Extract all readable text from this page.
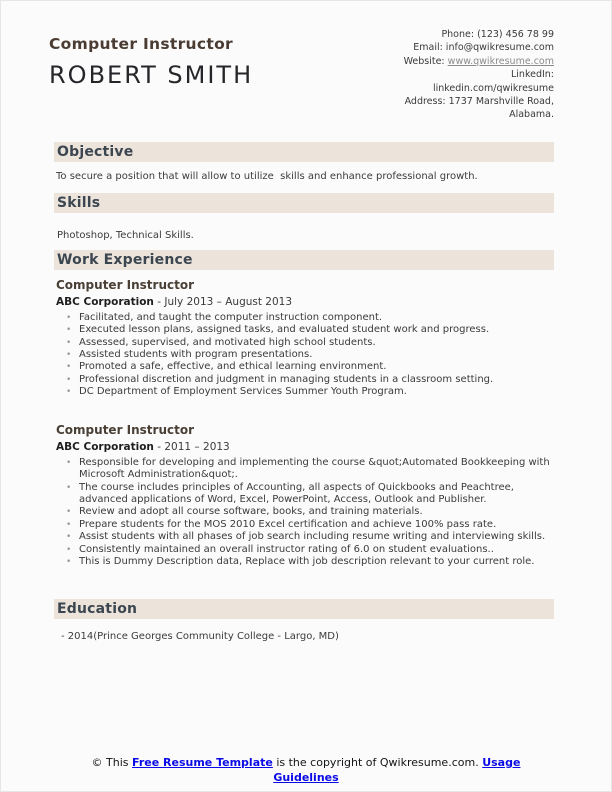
Computer Instructor
ROBERT SMITH
Phone: (123) 456 78 99
Email: info@qwikresume.com
Website: www.qwikresume.com
LinkedIn:
linkedin.com/qwikresume
Address: 1737 Marshville Road,
Alabama.
Objective

To secure a position that will allow to utilize  skills and enhance professional growth.

Skills

Photoshop, Technical Skills.

Work Experience
Computer Instructor
ABC Corporation - July 2013 – August 2013
• Facilitated, and taught the computer instruction component.
• Executed lesson plans, assigned tasks, and evaluated student work and progress.
• Assessed, supervised, and motivated high school students.
• Assisted students with program presentations.
• Promoted a safe, effective, and ethical learning environment.
• Professional discretion and judgment in managing students in a classroom setting.
• DC Department of Employment Services Summer Youth Program.
Computer Instructor
ABC Corporation - 2011 – 2013
• Responsible for developing and implementing the course &quot;Automated Bookkeeping with Microsoft Administration&quot;.
• The course includes principles of Accounting, all aspects of Quickbooks and Peachtree, advanced applications of Word, Excel, PowerPoint, Access, Outlook and Publisher.
• Review and adopt all course software, books, and training materials.
• Prepare students for the MOS 2010 Excel certification and achieve 100% pass rate.
• Assist students with all phases of job search including resume writing and interviewing skills.
• Consistently maintained an overall instructor rating of 6.0 on student evaluations..
• This is Dummy Description data, Replace with job description relevant to your current role.
Education

- 2014(Prince Georges Community College - Largo, MD)

© This Free Resume Template is the copyright of Qwikresume.com. Usage Guidelines
